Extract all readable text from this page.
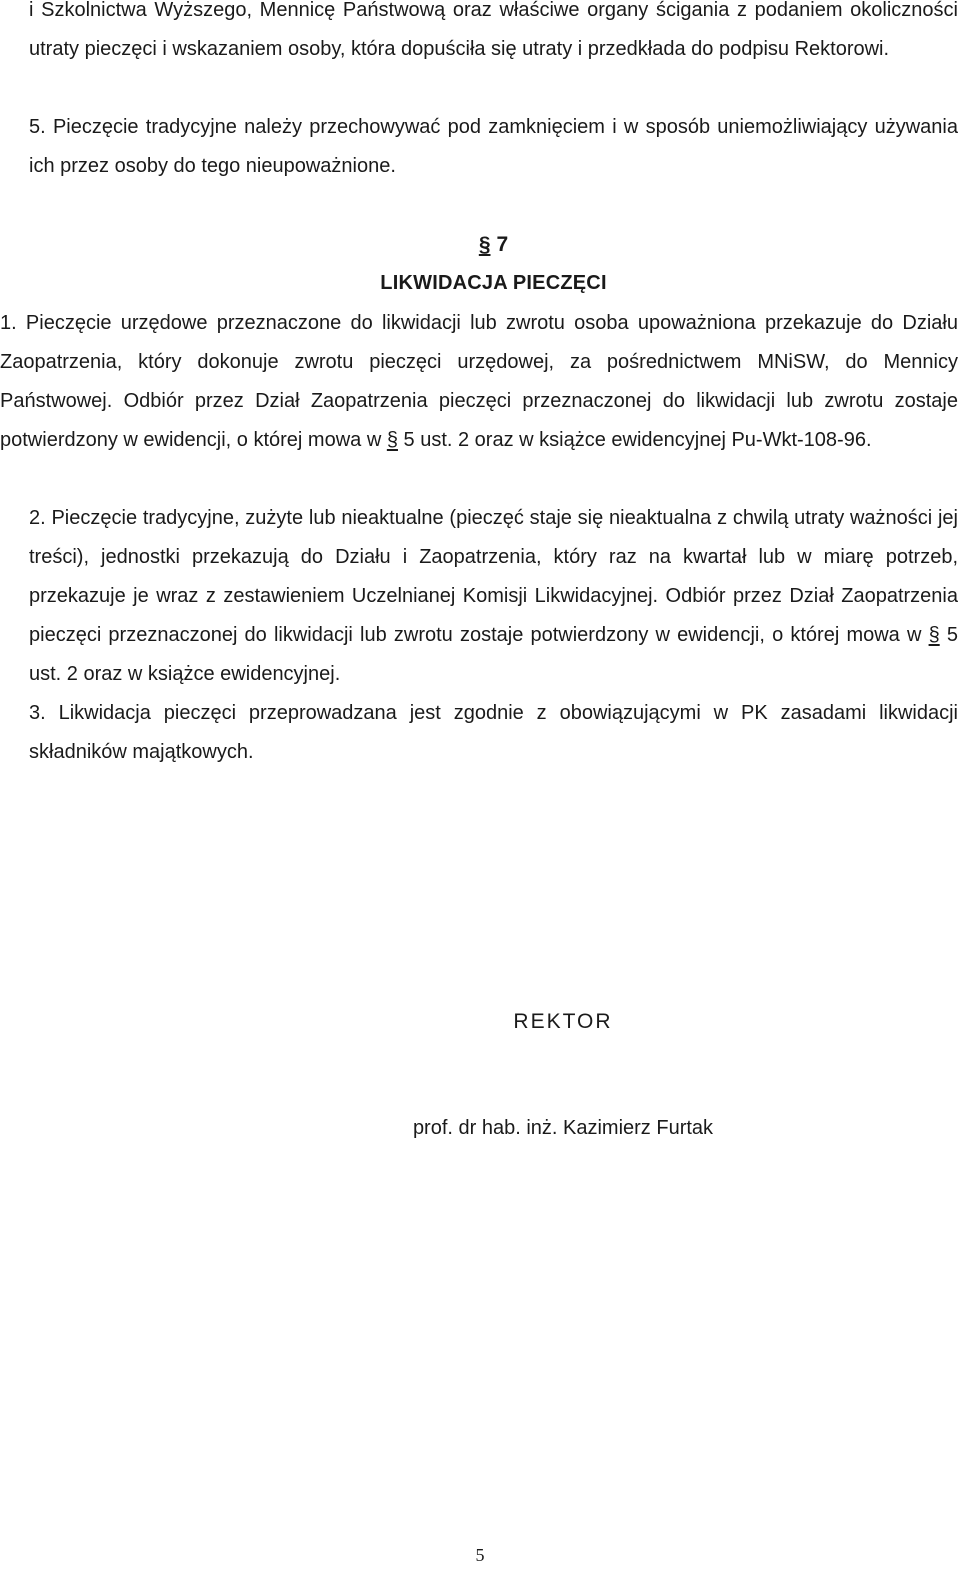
i Szkolnictwa Wyższego, Mennicę Państwową oraz właściwe organy ścigania z podaniem okoliczności utraty pieczęci i wskazaniem osoby, która dopuściła się utraty i przedkłada do podpisu Rektorowi.

5. Pieczęcie tradycyjne należy przechowywać pod zamknięciem i w sposób uniemożliwiający używania ich przez osoby do tego nieupoważnione.

§ 7
LIKWIDACJA PIECZĘCI

1. Pieczęcie urzędowe przeznaczone do likwidacji lub zwrotu osoba upoważniona przekazuje do Działu Zaopatrzenia, który dokonuje zwrotu pieczęci urzędowej, za pośrednictwem MNiSW, do Mennicy Państwowej. Odbiór przez Dział Zaopatrzenia pieczęci przeznaczonej do likwidacji lub zwrotu zostaje potwierdzony w ewidencji, o której mowa w § 5 ust. 2 oraz w książce ewidencyjnej Pu-Wkt-108-96.

2. Pieczęcie tradycyjne, zużyte lub nieaktualne (pieczęć staje się nieaktualna z chwilą utraty ważności jej treści), jednostki przekazują do Działu i Zaopatrzenia, który raz na kwartał lub w miarę potrzeb, przekazuje je wraz z zestawieniem Uczelnianej Komisji Likwidacyjnej. Odbiór przez Dział Zaopatrzenia pieczęci przeznaczonej do likwidacji lub zwrotu zostaje potwierdzony w ewidencji, o której mowa w § 5 ust. 2 oraz w książce ewidencyjnej.

3. Likwidacja pieczęci przeprowadzana jest zgodnie z obowiązującymi w PK zasadami likwidacji składników majątkowych.

REKTOR
prof. dr hab. inż. Kazimierz Furtak
5
